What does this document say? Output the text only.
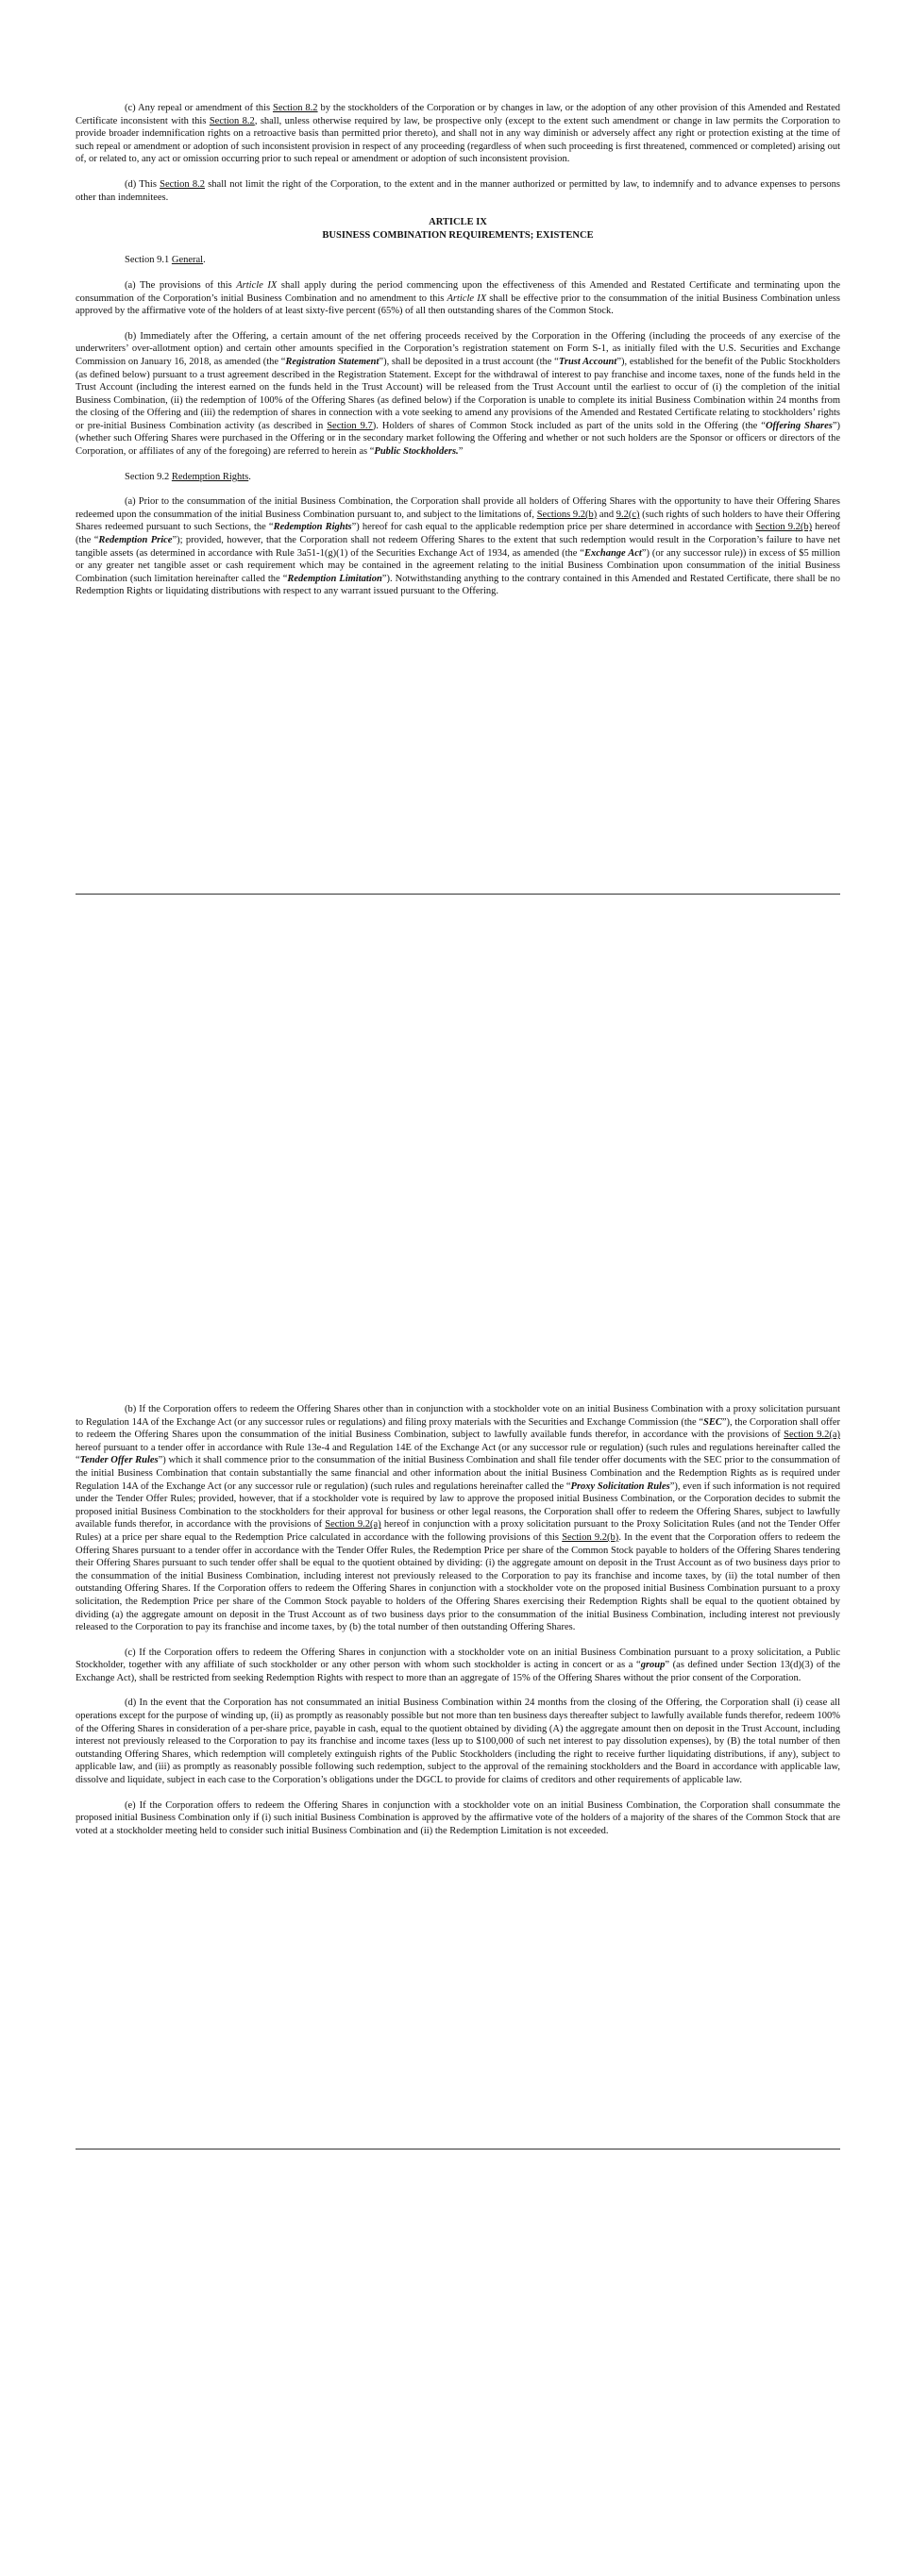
(c) Any repeal or amendment of this Section 8.2 by the stockholders of the Corporation or by changes in law, or the adoption of any other provision of this Amended and Restated Certificate inconsistent with this Section 8.2, shall, unless otherwise required by law, be prospective only (except to the extent such amendment or change in law permits the Corporation to provide broader indemnification rights on a retroactive basis than permitted prior thereto), and shall not in any way diminish or adversely affect any right or protection existing at the time of such repeal or amendment or adoption of such inconsistent provision in respect of any proceeding (regardless of when such proceeding is first threatened, commenced or completed) arising out of, or related to, any act or omission occurring prior to such repeal or amendment or adoption of such inconsistent provision.

(d) This Section 8.2 shall not limit the right of the Corporation, to the extent and in the manner authorized or permitted by law, to indemnify and to advance expenses to persons other than indemnitees.

ARTICLE IX

BUSINESS COMBINATION REQUIREMENTS; EXISTENCE

Section 9.1 General.

(a) The provisions of this Article IX shall apply during the period commencing upon the effectiveness of this Amended and Restated Certificate and terminating upon the consummation of the Corporation’s initial Business Combination and no amendment to this Article IX shall be effective prior to the consummation of the initial Business Combination unless approved by the affirmative vote of the holders of at least sixty-five percent (65%) of all then outstanding shares of the Common Stock.

(b) Immediately after the Offering, a certain amount of the net offering proceeds received by the Corporation in the Offering (including the proceeds of any exercise of the underwriters’ over-allotment option) and certain other amounts specified in the Corporation’s registration statement on Form S-1, as initially filed with the U.S. Securities and Exchange Commission on January 16, 2018, as amended (the “Registration Statement”), shall be deposited in a trust account (the “Trust Account”), established for the benefit of the Public Stockholders (as defined below) pursuant to a trust agreement described in the Registration Statement. Except for the withdrawal of interest to pay franchise and income taxes, none of the funds held in the Trust Account (including the interest earned on the funds held in the Trust Account) will be released from the Trust Account until the earliest to occur of (i) the completion of the initial Business Combination, (ii) the redemption of 100% of the Offering Shares (as defined below) if the Corporation is unable to complete its initial Business Combination within 24 months from the closing of the Offering and (iii) the redemption of shares in connection with a vote seeking to amend any provisions of the Amended and Restated Certificate relating to stockholders’ rights or pre-initial Business Combination activity (as described in Section 9.7). Holders of shares of Common Stock included as part of the units sold in the Offering (the “Offering Shares”) (whether such Offering Shares were purchased in the Offering or in the secondary market following the Offering and whether or not such holders are the Sponsor or officers or directors of the Corporation, or affiliates of any of the foregoing) are referred to herein as “Public Stockholders.”

Section 9.2 Redemption Rights.

(a) Prior to the consummation of the initial Business Combination, the Corporation shall provide all holders of Offering Shares with the opportunity to have their Offering Shares redeemed upon the consummation of the initial Business Combination pursuant to, and subject to the limitations of, Sections 9.2(b) and 9.2(c) (such rights of such holders to have their Offering Shares redeemed pursuant to such Sections, the “Redemption Rights”) hereof for cash equal to the applicable redemption price per share determined in accordance with Section 9.2(b) hereof (the “Redemption Price”); provided, however, that the Corporation shall not redeem Offering Shares to the extent that such redemption would result in the Corporation’s failure to have net tangible assets (as determined in accordance with Rule 3a51-1(g)(1) of the Securities Exchange Act of 1934, as amended (the “Exchange Act”) (or any successor rule)) in excess of $5 million or any greater net tangible asset or cash requirement which may be contained in the agreement relating to the initial Business Combination upon consummation of the initial Business Combination (such limitation hereinafter called the “Redemption Limitation”). Notwithstanding anything to the contrary contained in this Amended and Restated Certificate, there shall be no Redemption Rights or liquidating distributions with respect to any warrant issued pursuant to the Offering.

(b) If the Corporation offers to redeem the Offering Shares other than in conjunction with a stockholder vote on an initial Business Combination with a proxy solicitation pursuant to Regulation 14A of the Exchange Act (or any successor rules or regulations) and filing proxy materials with the Securities and Exchange Commission (the “SEC”), the Corporation shall offer to redeem the Offering Shares upon the consummation of the initial Business Combination, subject to lawfully available funds therefor, in accordance with the provisions of Section 9.2(a) hereof pursuant to a tender offer in accordance with Rule 13e-4 and Regulation 14E of the Exchange Act (or any successor rule or regulation) (such rules and regulations hereinafter called the “Tender Offer Rules”) which it shall commence prior to the consummation of the initial Business Combination and shall file tender offer documents with the SEC prior to the consummation of the initial Business Combination that contain substantially the same financial and other information about the initial Business Combination and the Redemption Rights as is required under Regulation 14A of the Exchange Act (or any successor rule or regulation) (such rules and regulations hereinafter called the “Proxy Solicitation Rules”), even if such information is not required under the Tender Offer Rules; provided, however, that if a stockholder vote is required by law to approve the proposed initial Business Combination, or the Corporation decides to submit the proposed initial Business Combination to the stockholders for their approval for business or other legal reasons, the Corporation shall offer to redeem the Offering Shares, subject to lawfully available funds therefor, in accordance with the provisions of Section 9.2(a) hereof in conjunction with a proxy solicitation pursuant to the Proxy Solicitation Rules (and not the Tender Offer Rules) at a price per share equal to the Redemption Price calculated in accordance with the following provisions of this Section 9.2(b). In the event that the Corporation offers to redeem the Offering Shares pursuant to a tender offer in accordance with the Tender Offer Rules, the Redemption Price per share of the Common Stock payable to holders of the Offering Shares tendering their Offering Shares pursuant to such tender offer shall be equal to the quotient obtained by dividing: (i) the aggregate amount on deposit in the Trust Account as of two business days prior to the consummation of the initial Business Combination, including interest not previously released to the Corporation to pay its franchise and income taxes, by (ii) the total number of then outstanding Offering Shares. If the Corporation offers to redeem the Offering Shares in conjunction with a stockholder vote on the proposed initial Business Combination pursuant to a proxy solicitation, the Redemption Price per share of the Common Stock payable to holders of the Offering Shares exercising their Redemption Rights shall be equal to the quotient obtained by dividing (a) the aggregate amount on deposit in the Trust Account as of two business days prior to the consummation of the initial Business Combination, including interest not previously released to the Corporation to pay its franchise and income taxes, by (b) the total number of then outstanding Offering Shares.

(c) If the Corporation offers to redeem the Offering Shares in conjunction with a stockholder vote on an initial Business Combination pursuant to a proxy solicitation, a Public Stockholder, together with any affiliate of such stockholder or any other person with whom such stockholder is acting in concert or as a “group” (as defined under Section 13(d)(3) of the Exchange Act), shall be restricted from seeking Redemption Rights with respect to more than an aggregate of 15% of the Offering Shares without the prior consent of the Corporation.

(d) In the event that the Corporation has not consummated an initial Business Combination within 24 months from the closing of the Offering, the Corporation shall (i) cease all operations except for the purpose of winding up, (ii) as promptly as reasonably possible but not more than ten business days thereafter subject to lawfully available funds therefor, redeem 100% of the Offering Shares in consideration of a per-share price, payable in cash, equal to the quotient obtained by dividing (A) the aggregate amount then on deposit in the Trust Account, including interest not previously released to the Corporation to pay its franchise and income taxes (less up to $100,000 of such net interest to pay dissolution expenses), by (B) the total number of then outstanding Offering Shares, which redemption will completely extinguish rights of the Public Stockholders (including the right to receive further liquidating distributions, if any), subject to applicable law, and (iii) as promptly as reasonably possible following such redemption, subject to the approval of the remaining stockholders and the Board in accordance with applicable law, dissolve and liquidate, subject in each case to the Corporation’s obligations under the DGCL to provide for claims of creditors and other requirements of applicable law.

(e) If the Corporation offers to redeem the Offering Shares in conjunction with a stockholder vote on an initial Business Combination, the Corporation shall consummate the proposed initial Business Combination only if (i) such initial Business Combination is approved by the affirmative vote of the holders of a majority of the shares of the Common Stock that are voted at a stockholder meeting held to consider such initial Business Combination and (ii) the Redemption Limitation is not exceeded.
